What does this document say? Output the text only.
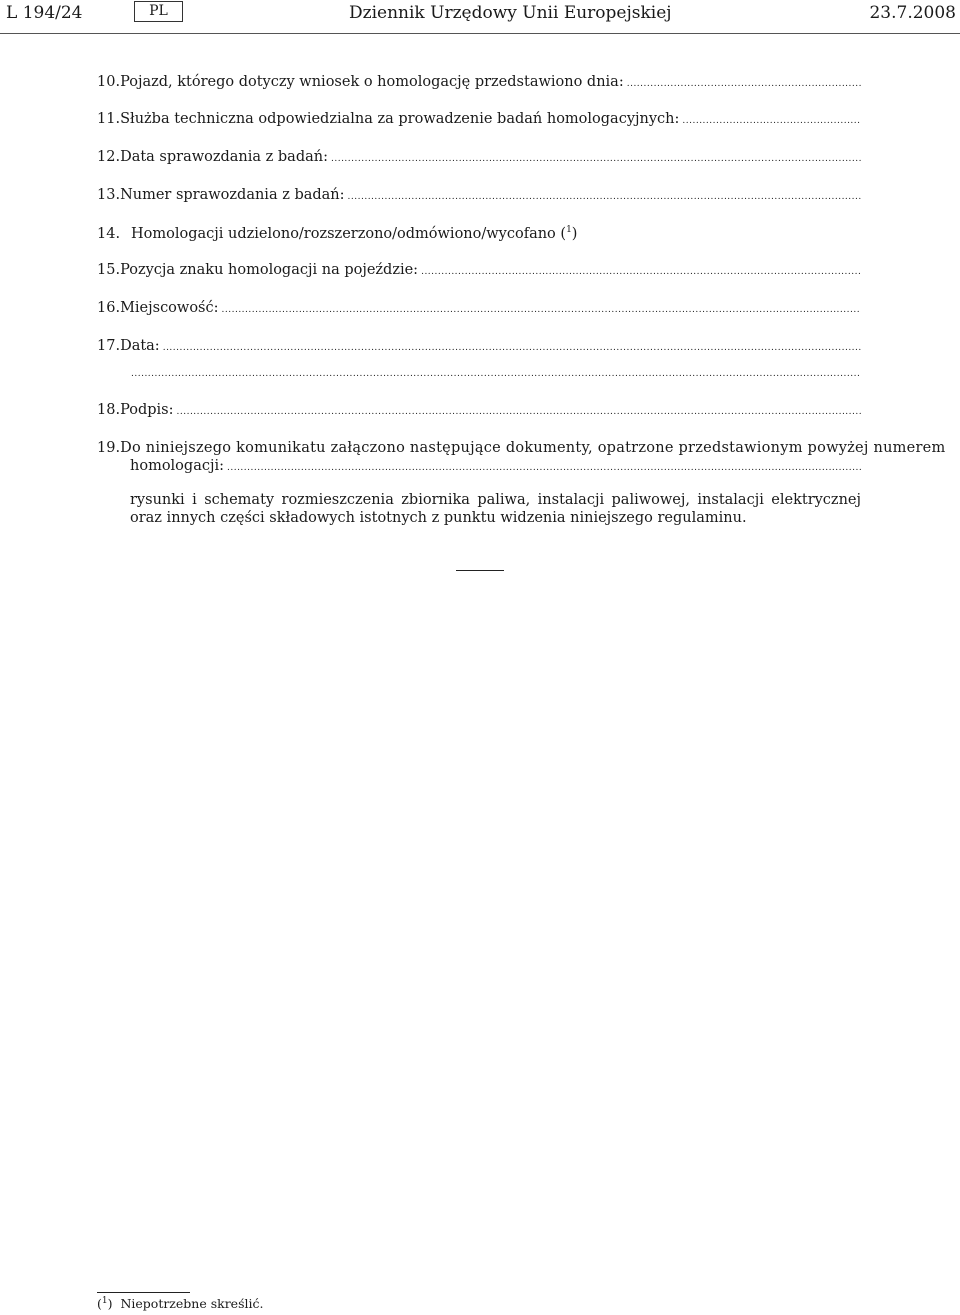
L 194/24	PL	Dziennik Urzędowy Unii Europejskiej	23.7.2008
10. Pojazd, którego dotyczy wniosek o homologację przedstawiono dnia:
.....
11. Służba techniczna odpowiedzialna za prowadzenie badań homologacyjnych:
.....
12. Data sprawozdania z badań:
.....
13. Numer sprawozdania z badań:
.....
14. Homologacji udzielono/rozszerzono/odmówiono/wycofano ($^1$)
15. Pozycja znaku homologacji na pojeździe:
.....
16. Miejscowość:
.....
17. Data:
.....
.....
18. Podpis:
.....
19. Do niniejszego komunikatu załączono następujące dokumenty, opatrzone przedstawionym powyżej numerem
homologacji:
.....
rysunki i schematy rozmieszczenia zbiornika paliwa, instalacji paliwowej, instalacji elektrycznej oraz innych części składowych istotnych z punktu widzenia niniejszego regulaminu.
($^1$)  Niepotrzebne skreślić.
